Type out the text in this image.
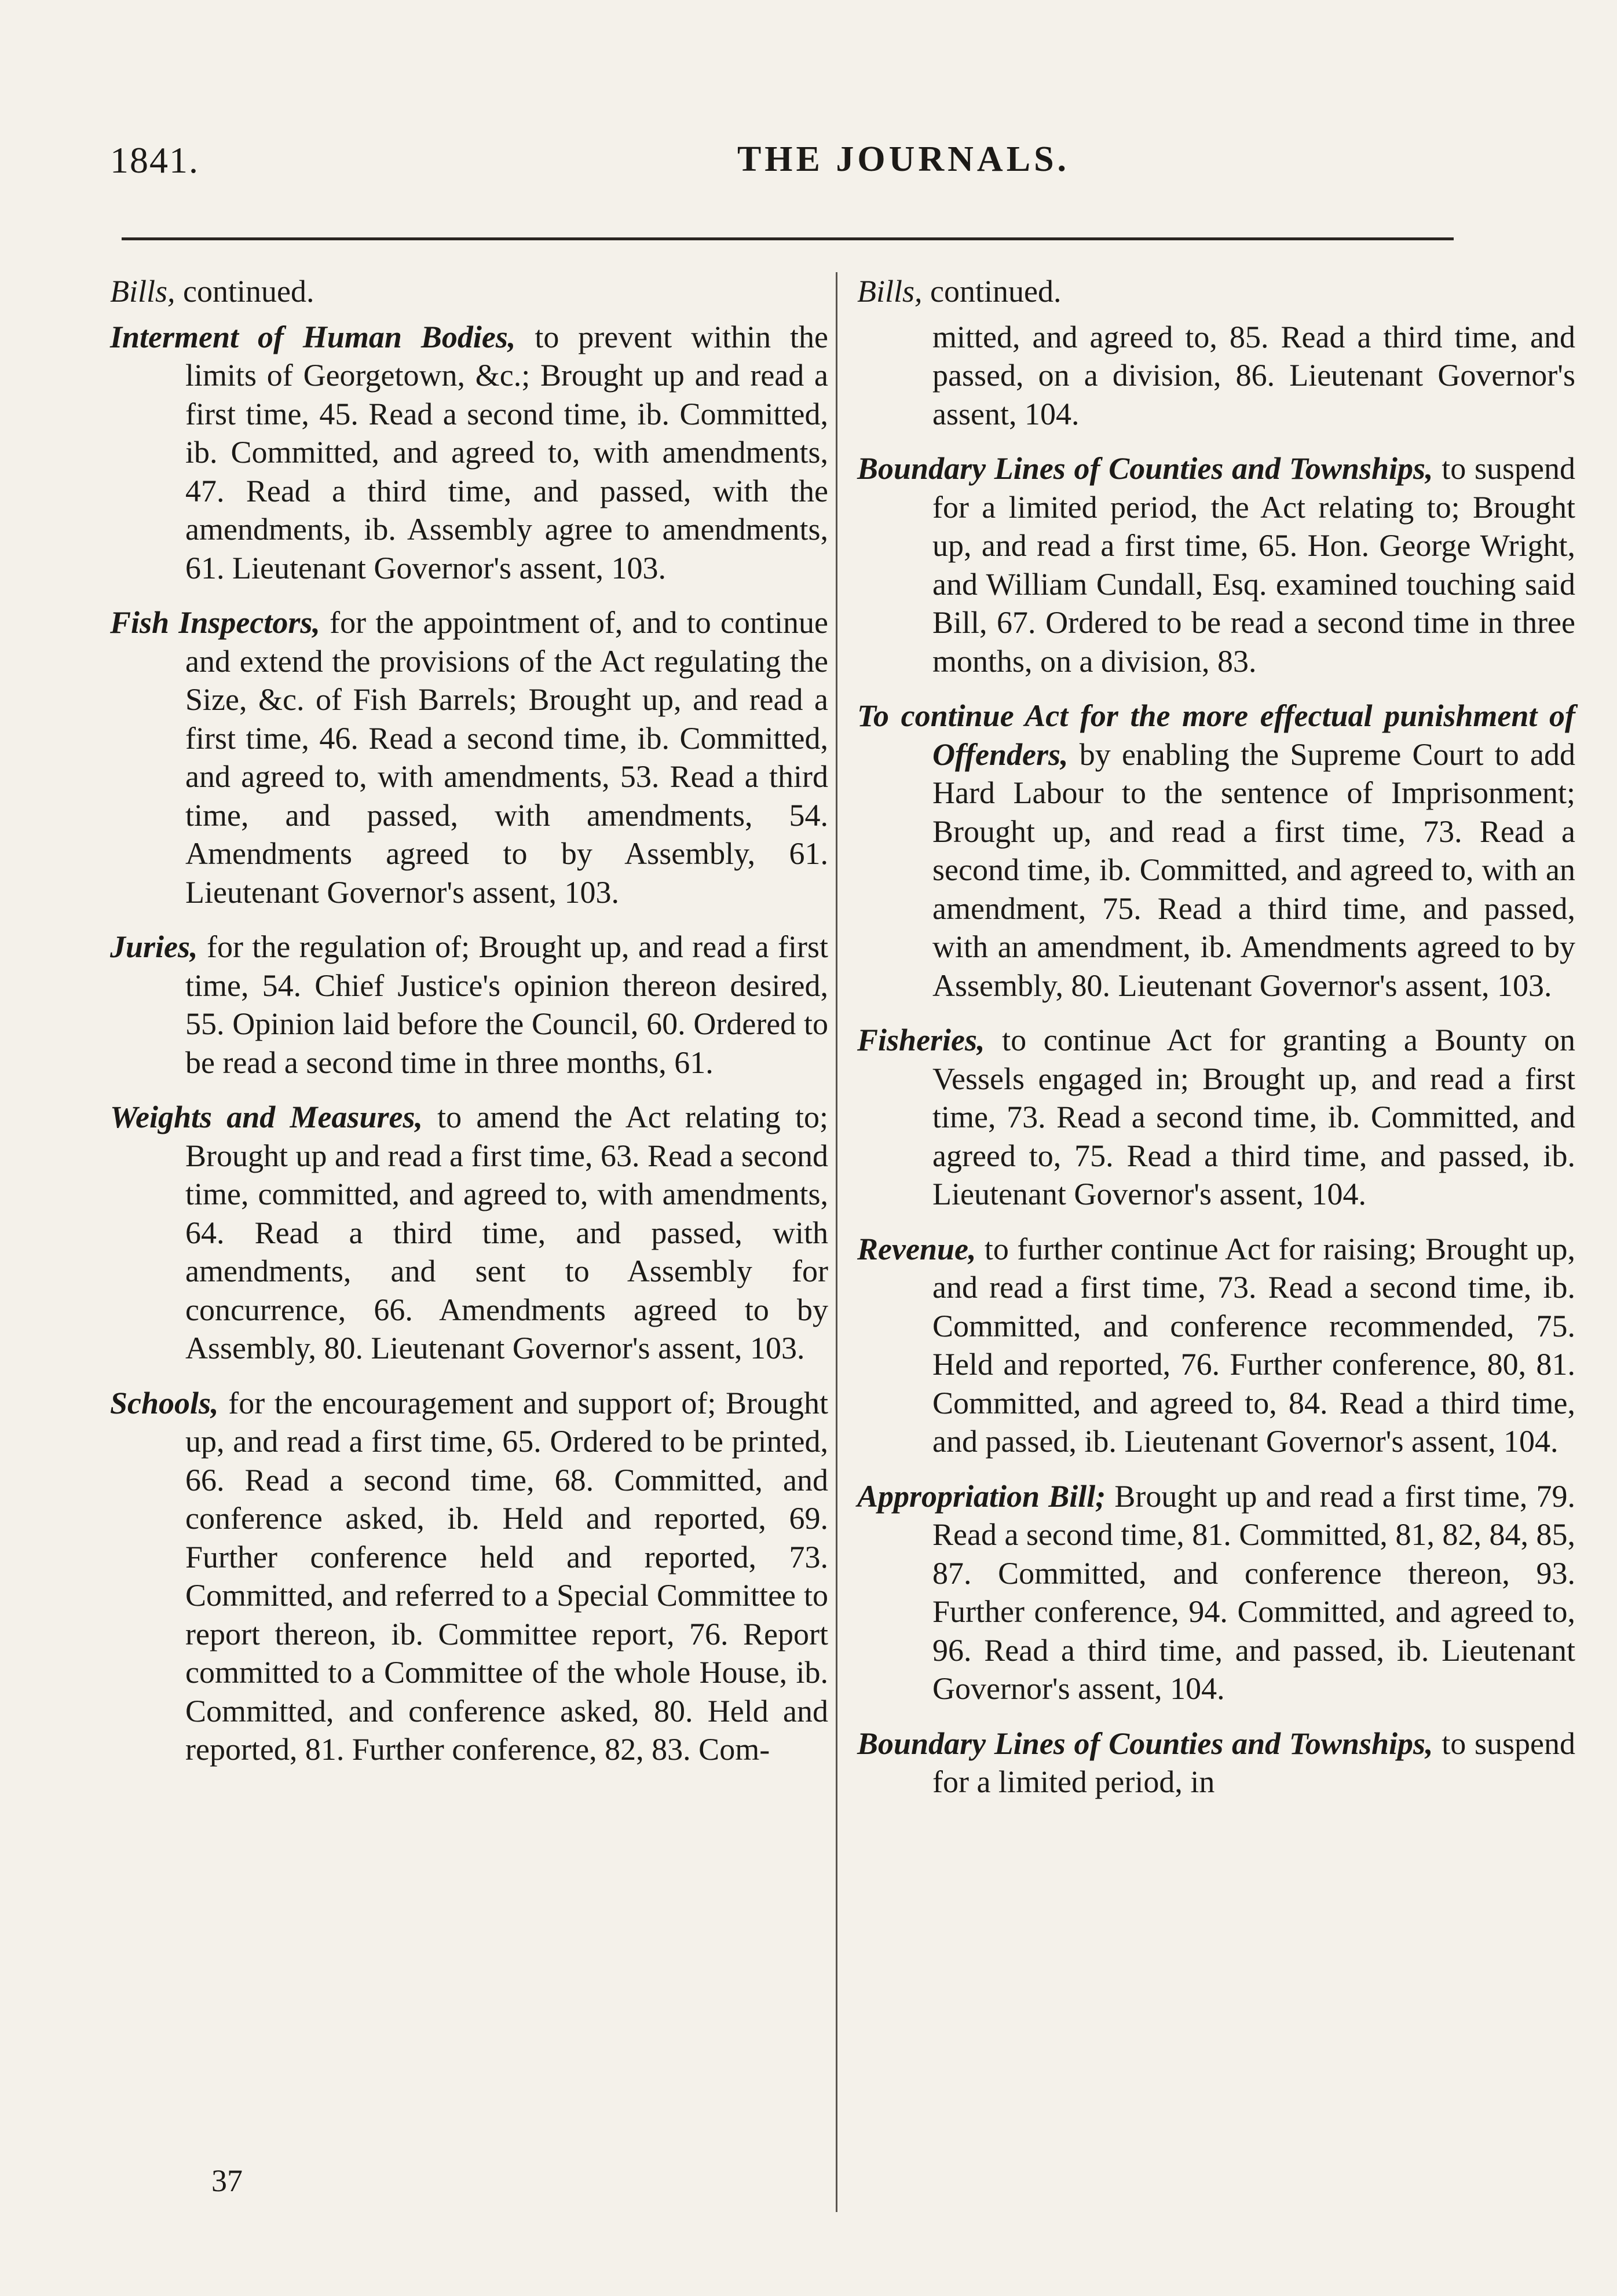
1841.	THE JOURNALS.

Bills, continued.

Interment of Human Bodies, to prevent within the limits of Georgetown, &c.; Brought up and read a first time, 45. Read a second time, ib. Committed, ib. Committed, and agreed to, with amendments, 47. Read a third time, and passed, with the amendments, ib. Assembly agree to amendments, 61. Lieutenant Governor's assent, 103.

Fish Inspectors, for the appointment of, and to continue and extend the provisions of the Act regulating the Size, &c. of Fish Barrels; Brought up, and read a first time, 46. Read a second time, ib. Committed, and agreed to, with amendments, 53. Read a third time, and passed, with amendments, 54. Amendments agreed to by Assembly, 61. Lieutenant Governor's assent, 103.

Juries, for the regulation of; Brought up, and read a first time, 54. Chief Justice's opinion thereon desired, 55. Opinion laid before the Council, 60. Ordered to be read a second time in three months, 61.

Weights and Measures, to amend the Act relating to; Brought up and read a first time, 63. Read a second time, committed, and agreed to, with amendments, 64. Read a third time, and passed, with amendments, and sent to Assembly for concurrence, 66. Amendments agreed to by Assembly, 80. Lieutenant Governor's assent, 103.

Schools, for the encouragement and support of; Brought up, and read a first time, 65. Ordered to be printed, 66. Read a second time, 68. Committed, and conference asked, ib. Held and reported, 69. Further conference held and reported, 73. Committed, and referred to a Special Committee to report thereon, ib. Committee report, 76. Report committed to a Committee of the whole House, ib. Committed, and conference asked, 80. Held and reported, 81. Further conference, 82, 83. Com-

Bills, continued.

mitted, and agreed to, 85. Read a third time, and passed, on a division, 86. Lieutenant Governor's assent, 104.

Boundary Lines of Counties and Townships, to suspend for a limited period, the Act relating to; Brought up, and read a first time, 65. Hon. George Wright, and William Cundall, Esq. examined touching said Bill, 67. Ordered to be read a second time in three months, on a division, 83.

To continue Act for the more effectual punishment of Offenders, by enabling the Supreme Court to add Hard Labour to the sentence of Imprisonment; Brought up, and read a first time, 73. Read a second time, ib. Committed, and agreed to, with an amendment, 75. Read a third time, and passed, with an amendment, ib. Amendments agreed to by Assembly, 80. Lieutenant Governor's assent, 103.

Fisheries, to continue Act for granting a Bounty on Vessels engaged in; Brought up, and read a first time, 73. Read a second time, ib. Committed, and agreed to, 75. Read a third time, and passed, ib. Lieutenant Governor's assent, 104.

Revenue, to further continue Act for raising; Brought up, and read a first time, 73. Read a second time, ib. Committed, and conference recommended, 75. Held and reported, 76. Further conference, 80, 81. Committed, and agreed to, 84. Read a third time, and passed, ib. Lieutenant Governor's assent, 104.

Appropriation Bill; Brought up and read a first time, 79. Read a second time, 81. Committed, 81, 82, 84, 85, 87. Committed, and conference thereon, 93. Further conference, 94. Committed, and agreed to, 96. Read a third time, and passed, ib. Lieutenant Governor's assent, 104.

Boundary Lines of Counties and Townships, to suspend for a limited period, in

37
